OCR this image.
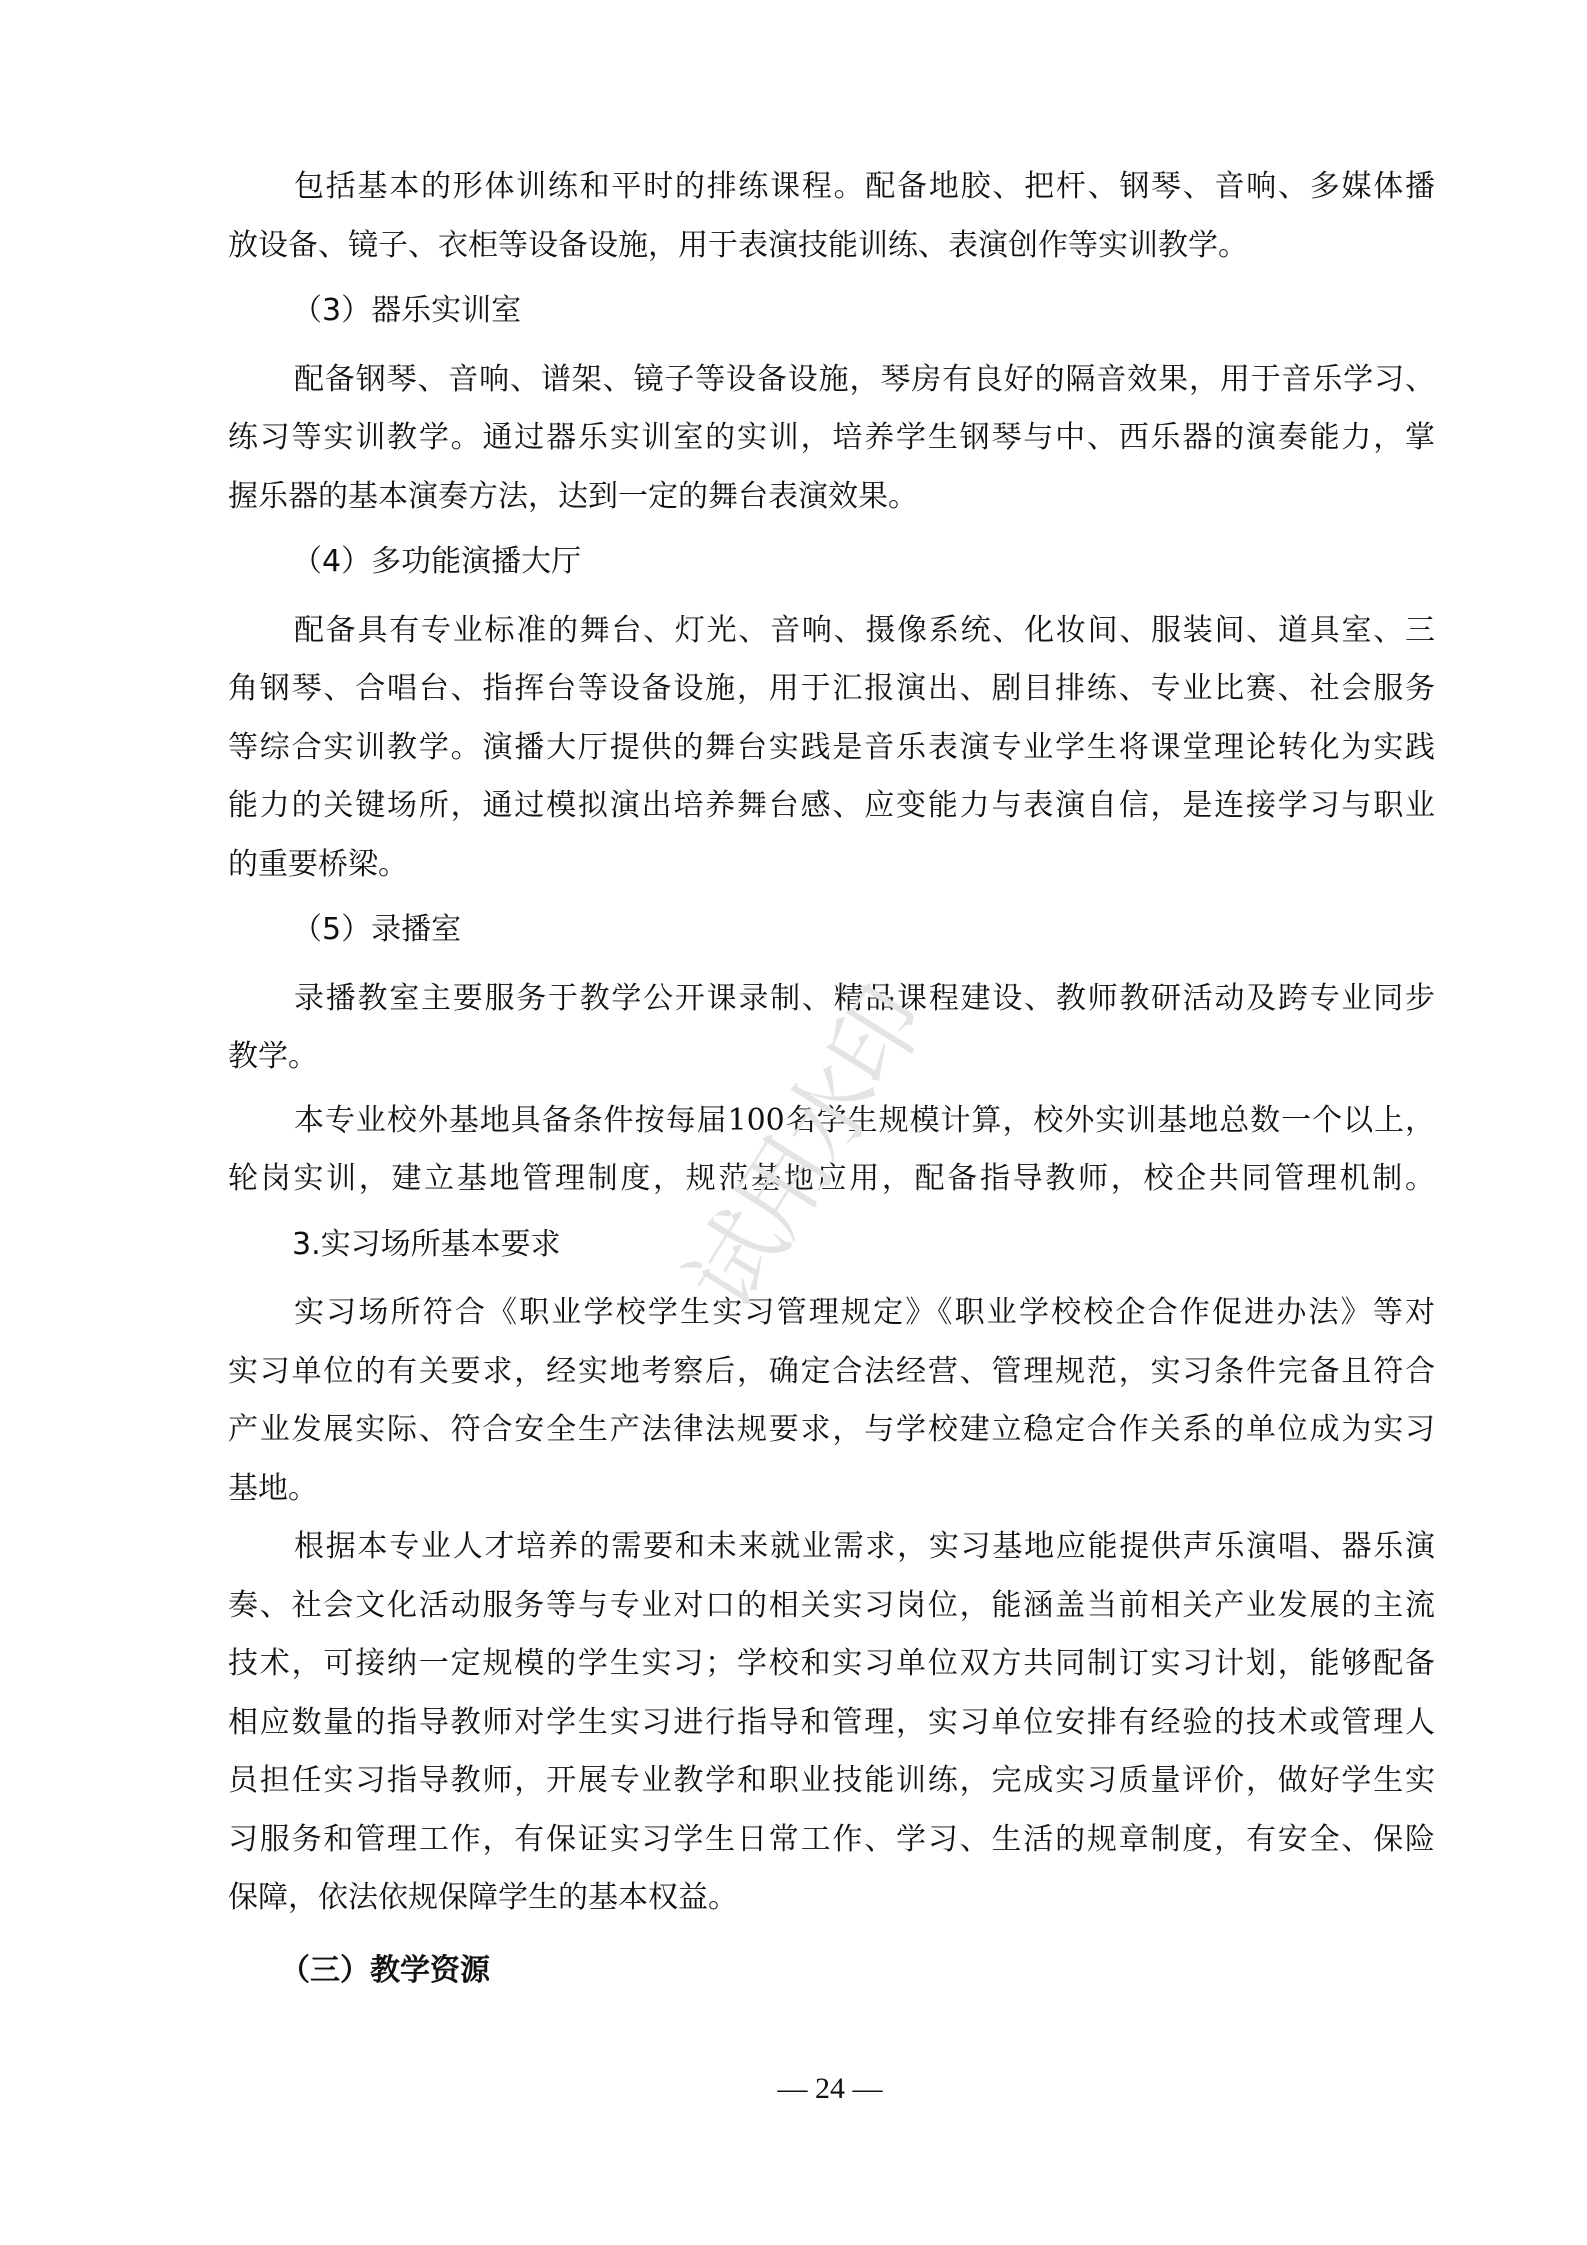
包括基本的形体训练和平时的排练课程。配备地胶、把杆、钢琴、音响、多媒体播
放设备、镜子、衣柜等设备设施，用于表演技能训练、表演创作等实训教学。
（3）器乐实训室
配备钢琴、音响、谱架、镜子等设备设施，琴房有良好的隔音效果，用于音乐学习、
练习等实训教学。通过器乐实训室的实训，培养学生钢琴与中、西乐器的演奏能力，掌
握乐器的基本演奏方法，达到一定的舞台表演效果。
（4）多功能演播大厅
配备具有专业标准的舞台、灯光、音响、摄像系统、化妆间、服装间、道具室、三
角钢琴、合唱台、指挥台等设备设施，用于汇报演出、剧目排练、专业比赛、社会服务
等综合实训教学。演播大厅提供的舞台实践是音乐表演专业学生将课堂理论转化为实践
能力的关键场所，通过模拟演出培养舞台感、应变能力与表演自信，是连接学习与职业
的重要桥梁。
（5）录播室
录播教室主要服务于教学公开课录制、精品课程建设、教师教研活动及跨专业同步
教学。
本专业校外基地具备条件按每届100名学生规模计算，校外实训基地总数一个以上，
轮岗实训，建立基地管理制度，规范基地应用，配备指导教师，校企共同管理机制。
3.实习场所基本要求
实习场所符合《职业学校学生实习管理规定》《职业学校校企合作促进办法》等对
实习单位的有关要求，经实地考察后，确定合法经营、管理规范，实习条件完备且符合
产业发展实际、符合安全生产法律法规要求，与学校建立稳定合作关系的单位成为实习
基地。
根据本专业人才培养的需要和未来就业需求，实习基地应能提供声乐演唱、器乐演
奏、社会文化活动服务等与专业对口的相关实习岗位，能涵盖当前相关产业发展的主流
技术，可接纳一定规模的学生实习；学校和实习单位双方共同制订实习计划，能够配备
相应数量的指导教师对学生实习进行指导和管理，实习单位安排有经验的技术或管理人
员担任实习指导教师，开展专业教学和职业技能训练，完成实习质量评价，做好学生实
习服务和管理工作，有保证实习学生日常工作、学习、生活的规章制度，有安全、保险
保障，依法依规保障学生的基本权益。
（三）教学资源
试用水印
— 24 —
